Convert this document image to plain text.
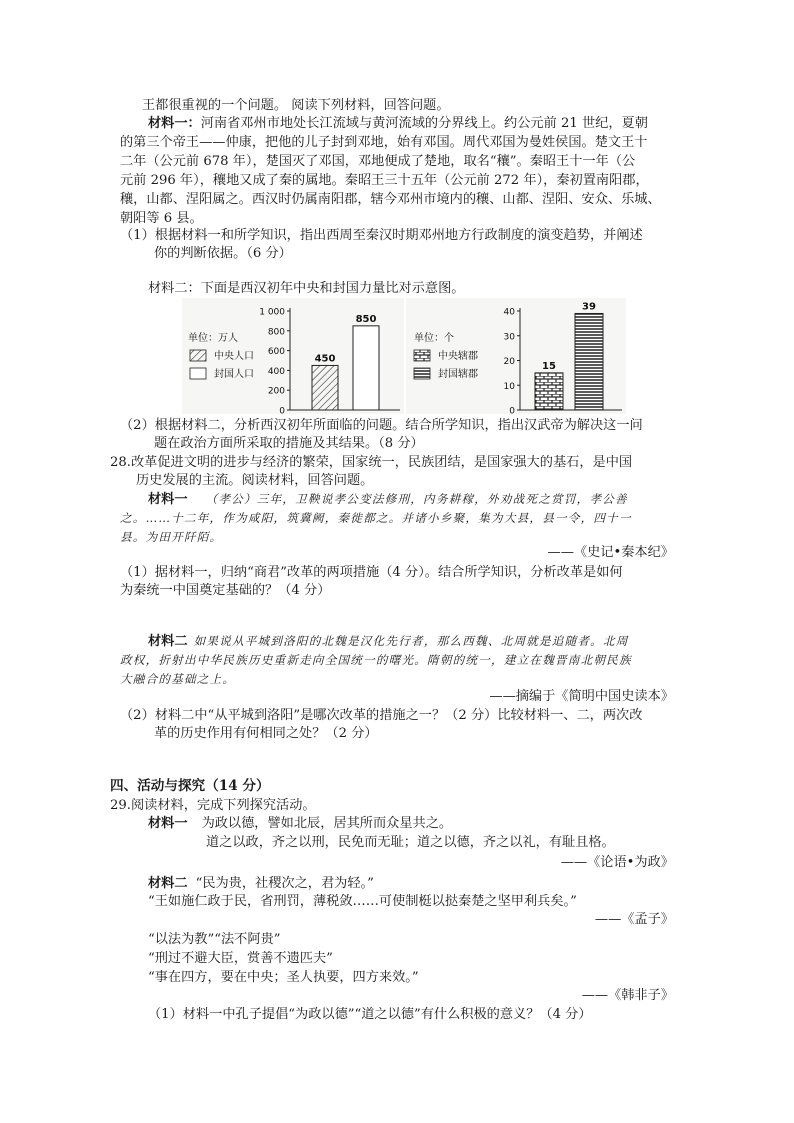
王都很重视的一个问题。 阅读下列材料，回答问题。
材料一：河南省邓州市地处长江流域与黄河流域的分界线上。约公元前 21 世纪，夏朝
的第三个帝王——仲康，把他的儿子封到邓地，始有邓国。周代邓国为曼姓侯国。楚文王十
二年（公元前 678 年），楚国灭了邓国，邓地便成了楚地，取名“穰”。秦昭王十一年（公
元前 296 年），穰地又成了秦的属地。秦昭王三十五年（公元前 272 年），秦初置南阳郡，
穰，山都、涅阳属之。西汉时仍属南阳郡，辖今邓州市境内的穰、山都、涅阳、安众、乐城、
朝阳等 6 县。
（1）根据材料一和所学知识，指出西周至秦汉时期邓州地方行政制度的演变趋势，并阐述
你的判断依据。（6 分）
材料二：下面是西汉初年中央和封国力量比对示意图。
单位：万人
中央人口
封国人口
1 000
800
600
400
200
0
450
850
单位：个
中央辖郡
封国辖郡
40
30
20
10
0
15
39
（2）根据材料二，分析西汉初年所面临的问题。结合所学知识，指出汉武帝为解决这一问
题在政治方面所采取的措施及其结果。（8 分）
28.改革促进文明的进步与经济的繁荣，国家统一，民族团结，是国家强大的基石，是中国
历史发展的主流。阅读材料，回答问题。
材料一 （孝公）三年，卫鞅说孝公变法修刑，内务耕稼，外劝战死之赏罚，孝公善
之。……十二年，作为咸阳，筑冀阙，秦徙都之。并诸小乡聚，集为大县，县一令，四十一
县。为田开阡陌。
——《史记•秦本纪》
（1）据材料一，归纳“商君”改革的两项措施（4 分）。结合所学知识，分析改革是如何
为秦统一中国奠定基础的？（4 分）
材料二 如果说从平城到洛阳的北魏是汉化先行者，那么西魏、北周就是追随者。北周
政权，折射出中华民族历史重新走向全国统一的曙光。隋朝的统一，建立在魏晋南北朝民族
大融合的基础之上。
——摘编于《简明中国史读本》
（2）材料二中“从平城到洛阳”是哪次改革的措施之一？（2 分）比较材料一、二，两次改
革的历史作用有何相同之处？（2 分）
四、活动与探究（14 分）
29.阅读材料，完成下列探究活动。
材料一 为政以德，譬如北辰，居其所而众星共之。
道之以政，齐之以刑，民免而无耻；道之以德，齐之以礼，有耻且格。
——《论语•为政》
材料二 “民为贵，社稷次之，君为轻。”
“王如施仁政于民，省刑罚，薄税敛……可使制梃以挞秦楚之坚甲利兵矣。”
——《孟子》
“以法为教”“法不阿贵”
“刑过不避大臣，赏善不遗匹夫”
“事在四方，要在中央；圣人执要，四方来效。”
——《韩非子》
（1）材料一中孔子提倡“为政以德”“道之以德”有什么积极的意义？（4 分）
